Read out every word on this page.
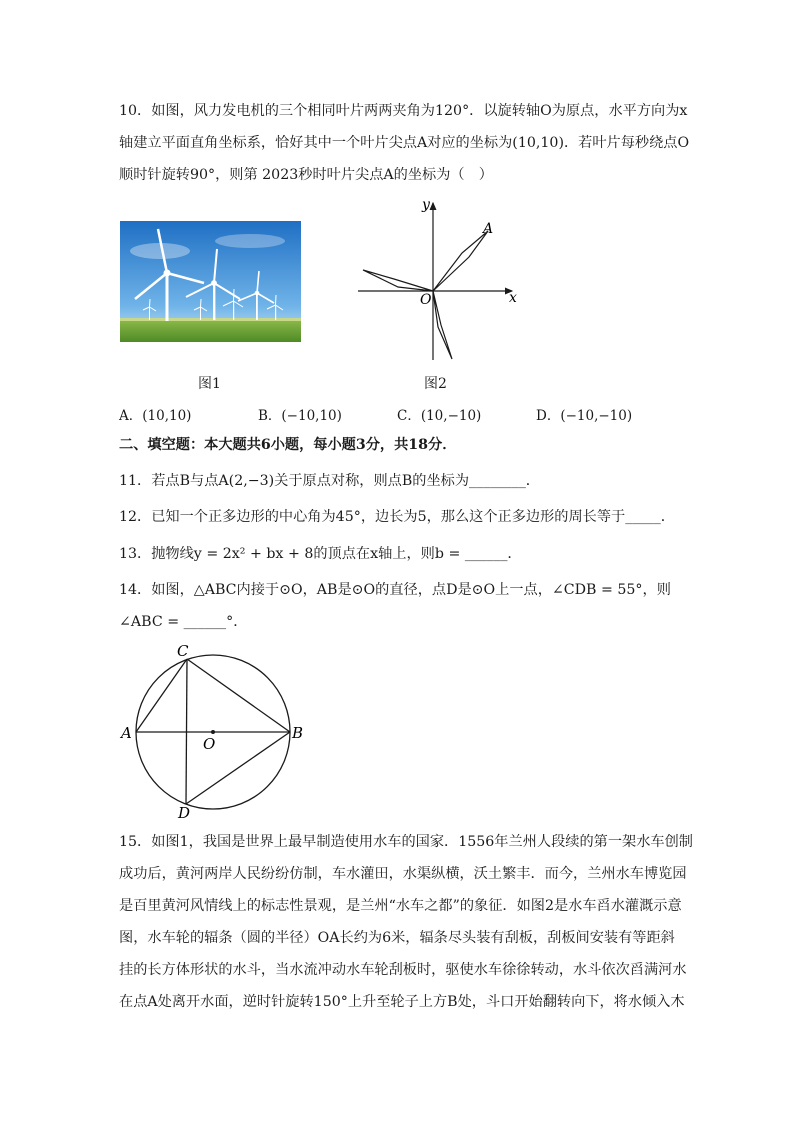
10．如图，风力发电机的三个相同叶片两两夹角为120°．以旋转轴O为原点，水平方向为x
轴建立平面直角坐标系，恰好其中一个叶片尖点A对应的坐标为(10,10)．若叶片每秒绕点O
顺时针旋转90°，则第 2023秒时叶片尖点A的坐标为（　）
y
x
O
A
图1	图2
A．(10,10)	B．(−10,10)	C．(10,−10)	D．(−10,−10)
二、填空题：本大题共6小题，每小题3分，共18分．
11．若点B与点A(2,−3)关于原点对称，则点B的坐标为________．
12．已知一个正多边形的中心角为45°，边长为5，那么这个正多边形的周长等于_____．
13．抛物线y = 2x² + bx + 8的顶点在x轴上，则b = ______．
14．如图，△ABC内接于⊙O，AB是⊙O的直径，点D是⊙O上一点，∠CDB = 55°，则
∠ABC = ______°．
C
A
O
B
D
15．如图1，我国是世界上最早制造使用水车的国家．1556年兰州人段续的第一架水车创制
成功后，黄河两岸人民纷纷仿制，车水灌田，水渠纵横，沃土繁丰．而今，兰州水车博览园
是百里黄河风情线上的标志性景观，是兰州“水车之都”的象征．如图2是水车舀水灌溉示意
图，水车轮的辐条（圆的半径）OA长约为6米，辐条尽头装有刮板，刮板间安装有等距斜
挂的长方体形状的水斗，当水流冲动水车轮刮板时，驱使水车徐徐转动，水斗依次舀满河水
在点A处离开水面，逆时针旋转150°上升至轮子上方B处，斗口开始翻转向下，将水倾入木
